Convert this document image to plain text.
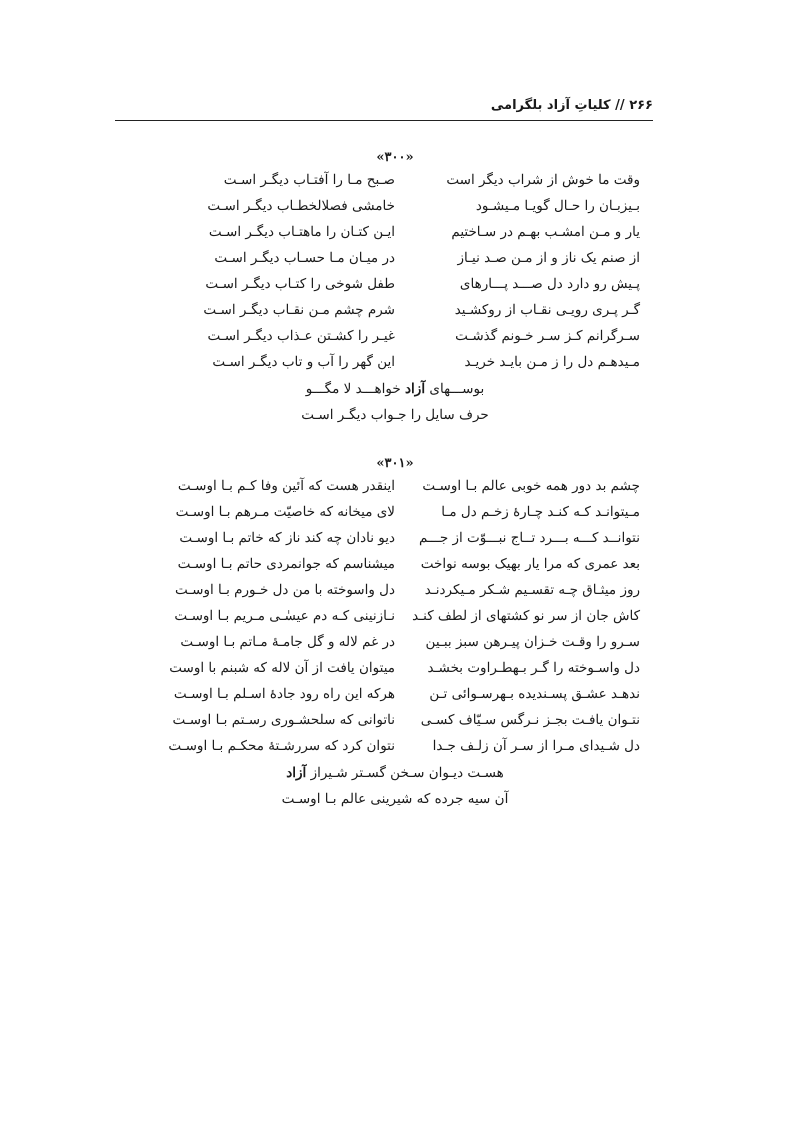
۲۶۶ // کلیاتِ آزاد بلگرامی
«۳۰۰»
وقت ما خوش از شراب دیگر است
صـبح مـا را آفتـاب دیگـر اسـت
بـیزبـان را حـال گویـا مـیشـود
خامشی فصلالخطـاب دیگـر اسـت
یار و مـن امشـب بهـم در سـاختیم
ایـن کتـان را ماهتـاب دیگـر اسـت
از صنم یک ناز و از مـن صـد نیـاز
در میـان مـا حسـاب دیگـر اسـت
پـیش رو دارد دل صـــد پـــارهای
طفل شوخی را کتـاب دیگـر اسـت
گـر پـری رویـی نقـاب از روکشـید
شرم چشم مـن نقـاب دیگـر اسـت
سـرگرانم کـز سـر خـونم گذشـت
غیـر را کشـتن عـذاب دیگـر اسـت
مـیدهـم دل را ز مـن بایـد خریـد
این گهر را آب و تاب دیگـر اسـت
بوســـهای آزاد خواهـــد لا مگـــو
حرف سایل را جـواب دیگـر اسـت
«۳۰۱»
چشم بد دور همه خوبی عالم بـا اوسـت
اینقدر هست که آئین وفا کـم بـا اوسـت
مـیتوانـد کـه کنـد چـارهٔ زخـم دل مـا
لای میخانه که خاصیّت مـرهم بـا اوسـت
نتوانــد کـــه بـــرد تــاج نبـــوّت از جـــم
دیو نادان چه کند ناز که خاتم بـا اوسـت
بعد عمری که مرا یار بهیک بوسه نواخت
میشناسم که جوانمردی حاتم بـا اوسـت
روز میثـاق چـه تقسـیم شـکر مـیکردنـد
دل واسوخته با من دل خـورم بـا اوسـت
کاش جان از سر نو کشتهای از لطف کنـد
نـازنینی کـه دم عیسٰـی مـریم بـا اوسـت
سـرو را وقـت خـزان پیـرهن سبز ببـین
در غم لاله و گل جامـهٔ مـاتم بـا اوسـت
دل واسـوخته را گـر بـهطـراوت بخشـد
میتوان یافت از آن لاله که شبنم با اوست
ندهـد عشـق پسـندیده بـهرسـوائی تـن
هرکه این راه رود جادهٔ اسـلم بـا اوسـت
نتـوان یافـت بجـز نـرگس سـیّاف کسـی
ناتوانی که سلحشـوری رسـتم بـا اوسـت
دل شـیدای مـرا از سـر آن زلـف جـدا
نتوان کرد که سررشـتهٔ محکـم بـا اوسـت
هسـت دیـوان سـخن گسـتر شـیراز آزاد
آن سیه جرده که شیرینی عالم بـا اوسـت
